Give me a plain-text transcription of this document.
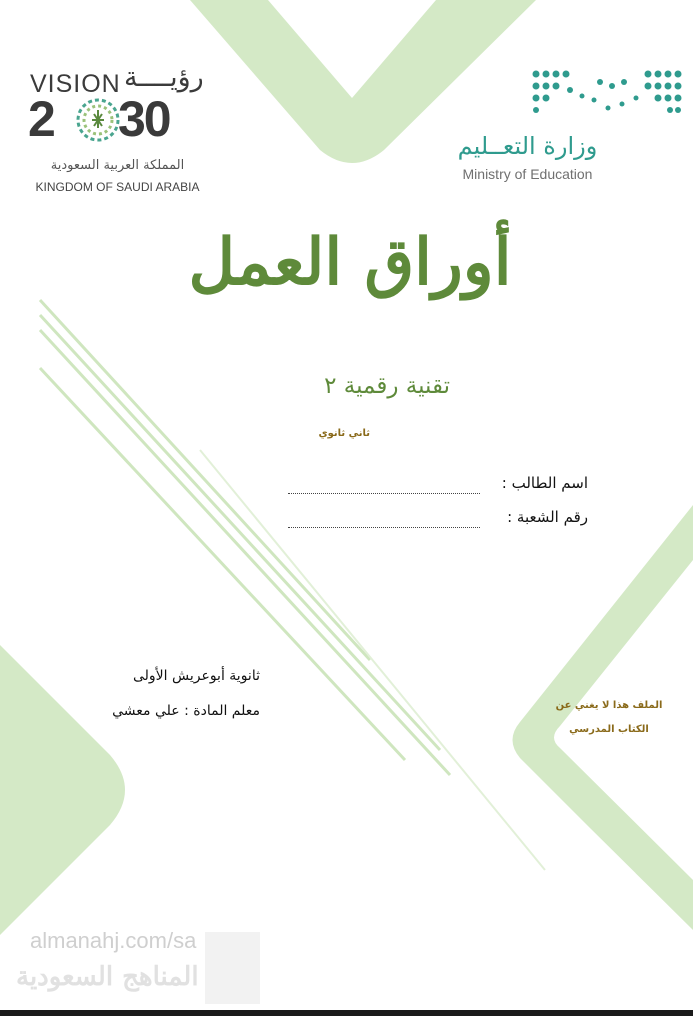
VISION رؤيــــة
2 30
المملكة العربية السعودية
KINGDOM OF SAUDI ARABIA
وزارة التعــليم
Ministry of Education
أوراق العمل
تقنية رقمية ٢
ثاني ثانوي
اسم الطالب :
رقم الشعبة :
ثانوية أبوعريش الأولى
معلم المادة : علي معشي	الملف هذا لا يغني عن
الكتاب المدرسي
almanahj.com/sa
المناهج السعودية
